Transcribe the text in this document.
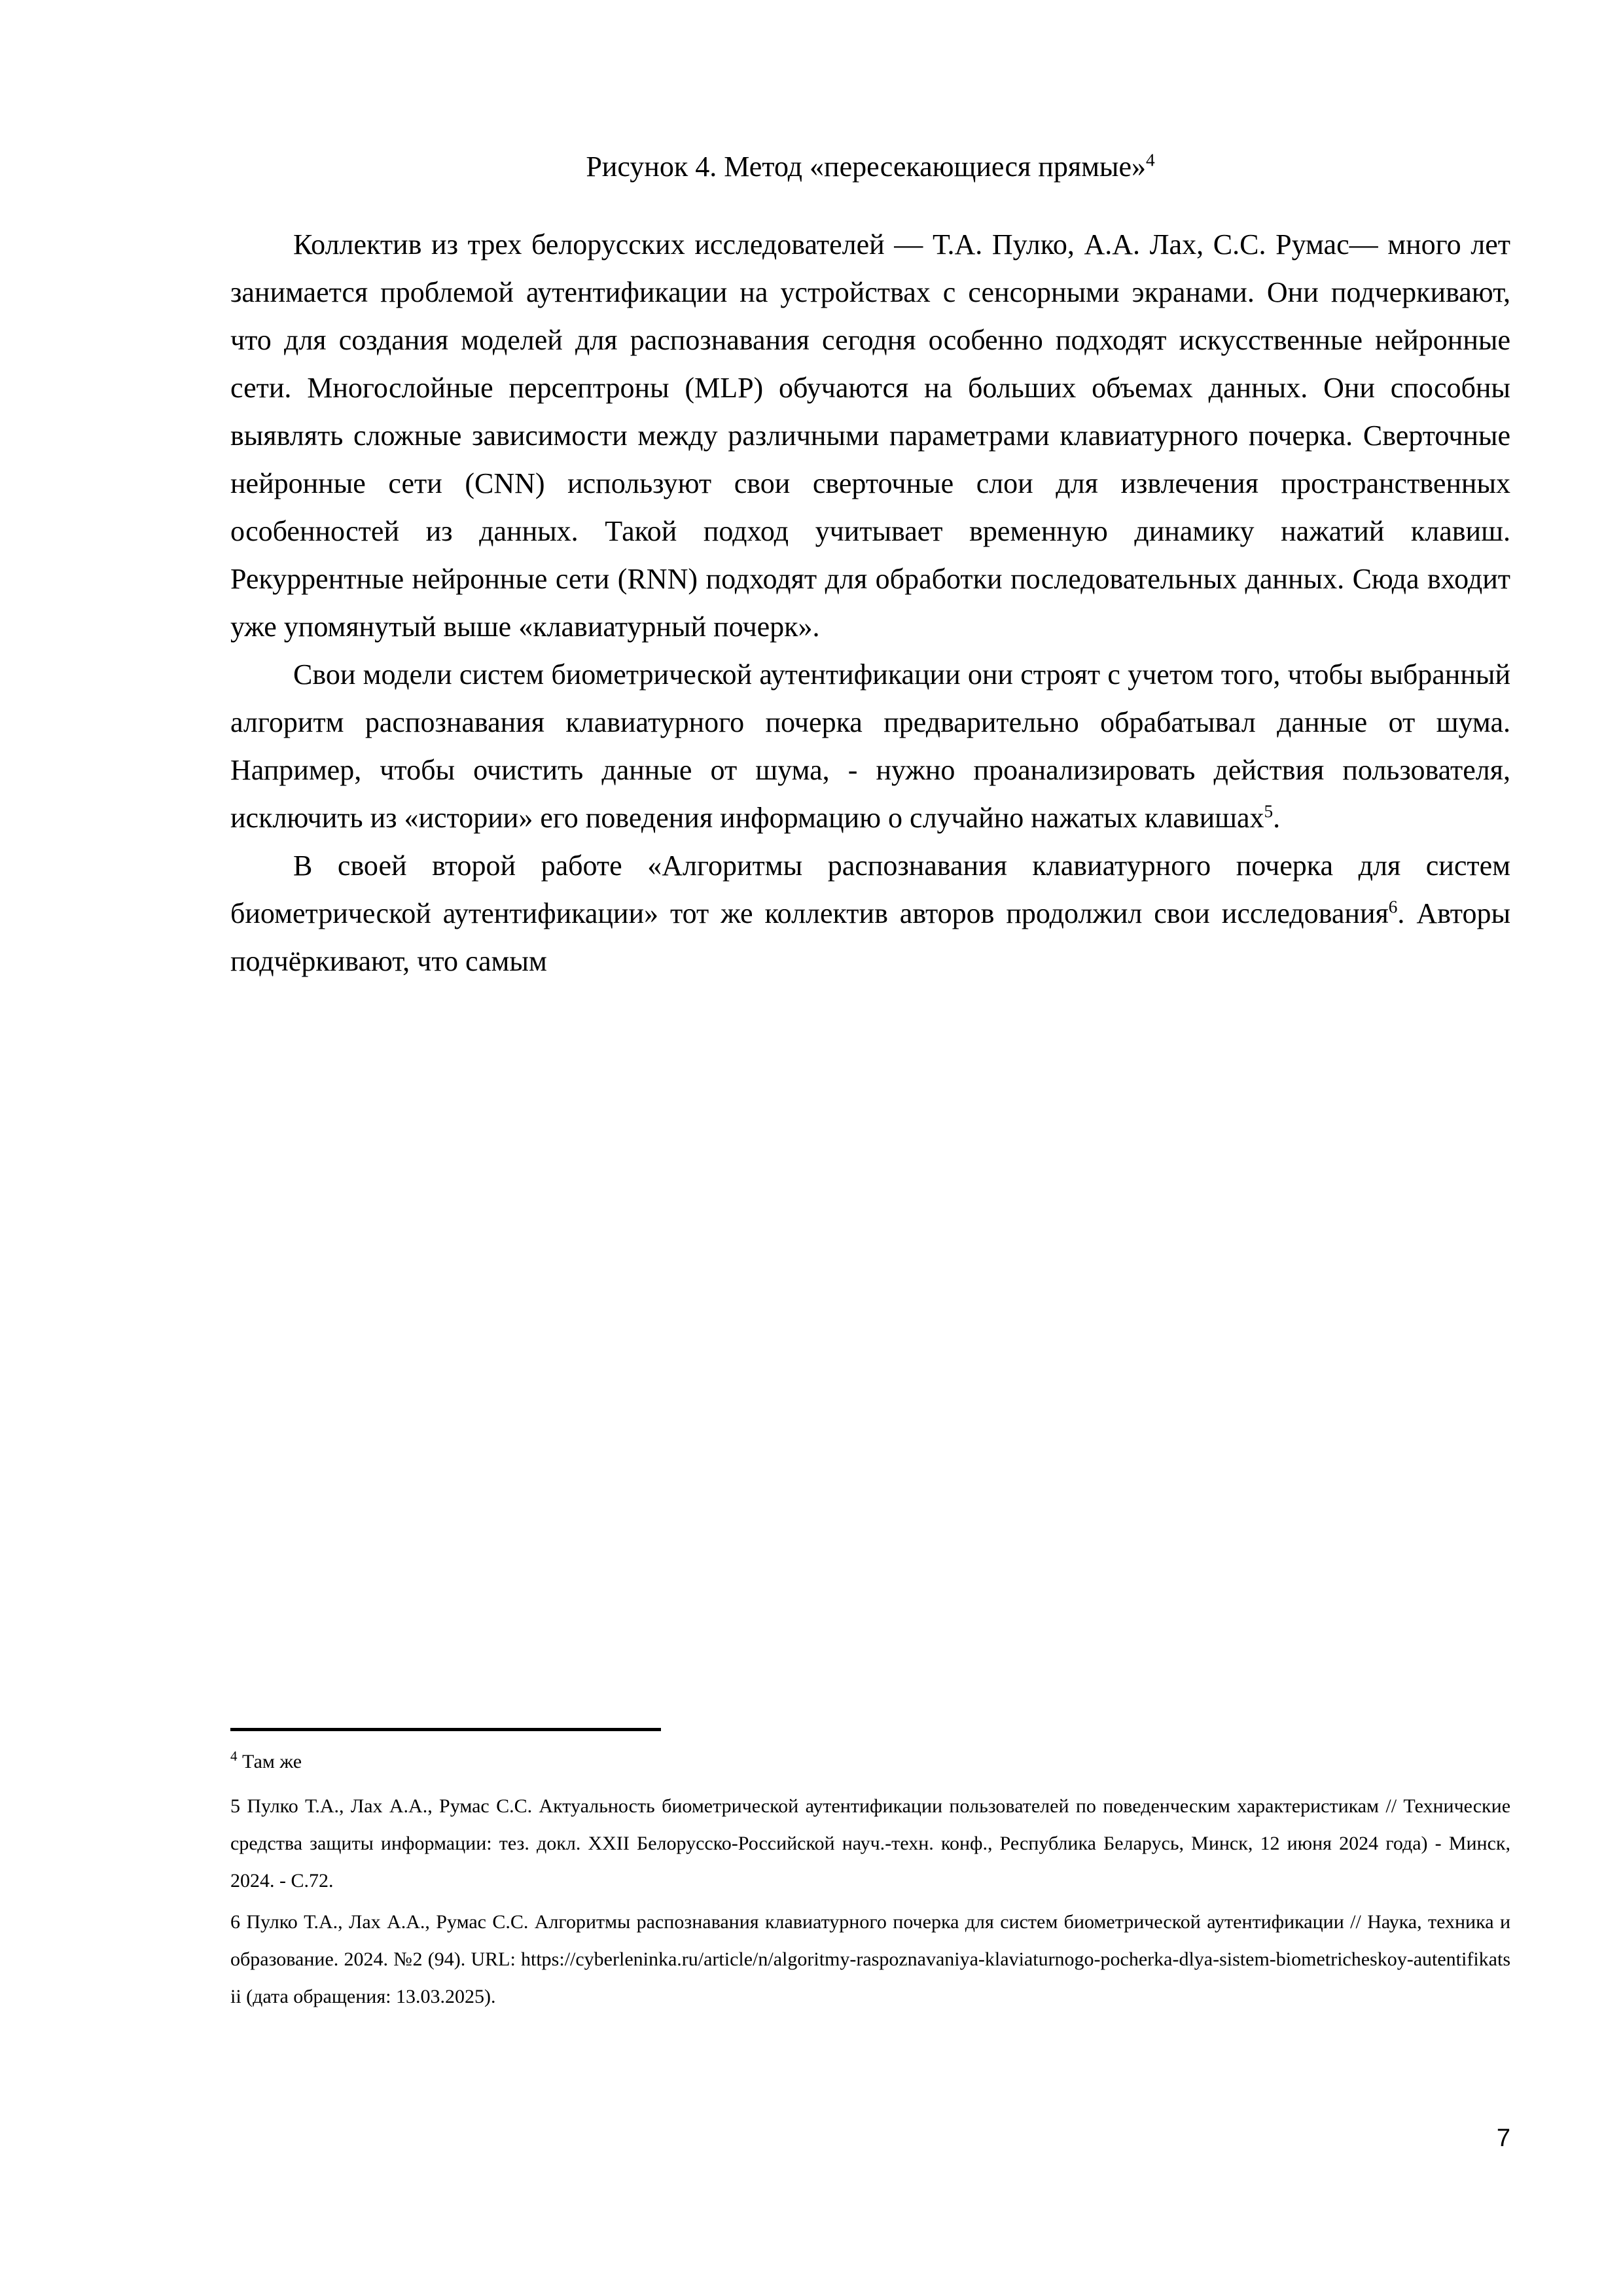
Рисунок 4. Метод «пересекающиеся прямые»$^4$

Коллектив из трех белорусских исследователей — Т.А. Пулко, А.А. Лах, С.С. Румас— много лет занимается проблемой аутентификации на устройствах с сенсорными экранами. Они подчеркивают, что для создания моделей для распознавания сегодня особенно подходят искусственные нейронные сети. Многослойные персептроны (MLP) обучаются на больших объемах данных. Они способны выявлять сложные зависимости между различными параметрами клавиатурного почерка. Сверточные нейронные сети (CNN) используют свои сверточные слои для извлечения пространственных особенностей из данных. Такой подход учитывает временную динамику нажатий клавиш. Рекуррентные нейронные сети (RNN) подходят для обработки последовательных данных. Сюда входит уже упомянутый выше «клавиатурный почерк».

Свои модели систем биометрической аутентификации они строят с учетом того, чтобы выбранный алгоритм распознавания клавиатурного почерка предварительно обрабатывал данные от шума. Например, чтобы очистить данные от шума, - нужно проанализировать действия пользователя, исключить из «истории» его поведения информацию о случайно нажатых клавишах$^5$.

В своей второй работе «Алгоритмы распознавания клавиатурного почерка для систем биометрической аутентификации» тот же коллектив авторов продолжил свои исследования$^6$. Авторы подчёркивают, что самым

$^4$ Там же

5 Пулко Т.А., Лах А.А., Румас С.С. Актуальность биометрической аутентификации пользователей по поведенческим характеристикам // Технические средства защиты информации: тез. докл. XXII Белорусско-Российской науч.-техн. конф., Республика Беларусь, Минск, 12 июня 2024 года) - Минск, 2024. - С.72.

6 Пулко Т.А., Лах А.А., Румас С.С. Алгоритмы распознавания клавиатурного почерка для систем биометрической аутентификации // Наука, техника и образование. 2024. №2 (94). URL: https://cyberleninka.ru/article/n/algoritmy-raspoznavaniya-klaviaturnogo-pocherka-dlya-sistem-biometricheskoy-autentifikatsii (дата обращения: 13.03.2025).

7
